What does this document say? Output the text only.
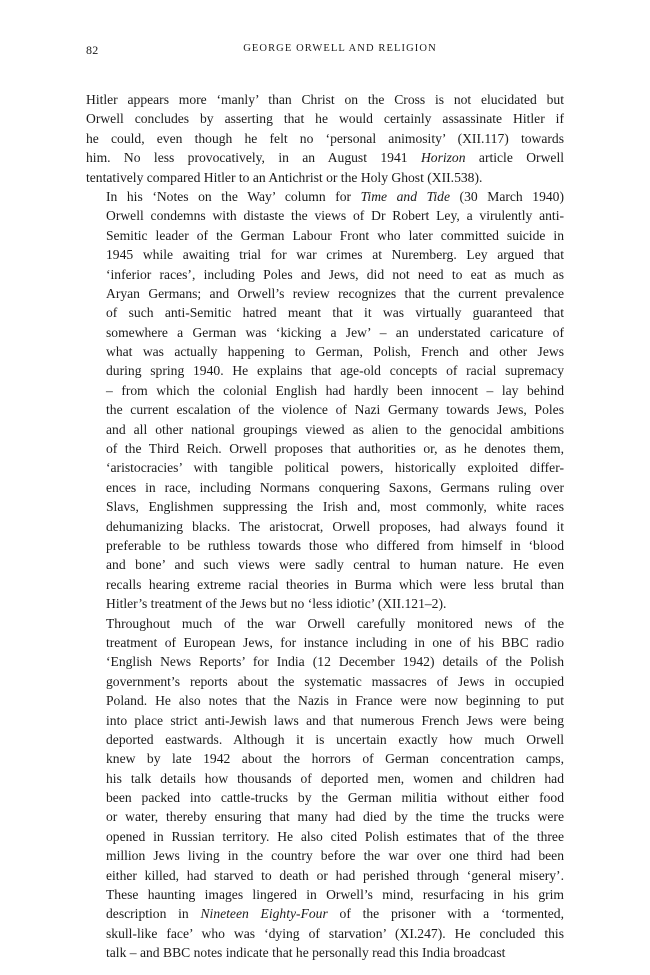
82	GEORGE ORWELL AND RELIGION

Hitler appears more ‘manly’ than Christ on the Cross is not elucidated but
Orwell concludes by asserting that he would certainly assassinate Hitler if
he could, even though he felt no ‘personal animosity’ (XII.117) towards
him. No less provocatively, in an August 1941 Horizon article Orwell
tentatively compared Hitler to an Antichrist or the Holy Ghost (XII.538).

In his ‘Notes on the Way’ column for Time and Tide (30 March 1940)
Orwell condemns with distaste the views of Dr Robert Ley, a virulently anti-
Semitic leader of the German Labour Front who later committed suicide in
1945 while awaiting trial for war crimes at Nuremberg. Ley argued that
‘inferior races’, including Poles and Jews, did not need to eat as much as
Aryan Germans; and Orwell’s review recognizes that the current prevalence
of such anti-Semitic hatred meant that it was virtually guaranteed that
somewhere a German was ‘kicking a Jew’ – an understated caricature of
what was actually happening to German, Polish, French and other Jews
during spring 1940. He explains that age-old concepts of racial supremacy
– from which the colonial English had hardly been innocent – lay behind
the current escalation of the violence of Nazi Germany towards Jews, Poles
and all other national groupings viewed as alien to the genocidal ambitions
of the Third Reich. Orwell proposes that authorities or, as he denotes them,
‘aristocracies’ with tangible political powers, historically exploited differ-
ences in race, including Normans conquering Saxons, Germans ruling over
Slavs, Englishmen suppressing the Irish and, most commonly, white races
dehumanizing blacks. The aristocrat, Orwell proposes, had always found it
preferable to be ruthless towards those who differed from himself in ‘blood
and bone’ and such views were sadly central to human nature. He even
recalls hearing extreme racial theories in Burma which were less brutal than
Hitler’s treatment of the Jews but no ‘less idiotic’ (XII.121–2).

Throughout much of the war Orwell carefully monitored news of the
treatment of European Jews, for instance including in one of his BBC radio
‘English News Reports’ for India (12 December 1942) details of the Polish
government’s reports about the systematic massacres of Jews in occupied
Poland. He also notes that the Nazis in France were now beginning to put
into place strict anti-Jewish laws and that numerous French Jews were being
deported eastwards. Although it is uncertain exactly how much Orwell
knew by late 1942 about the horrors of German concentration camps,
his talk details how thousands of deported men, women and children had
been packed into cattle-trucks by the German militia without either food
or water, thereby ensuring that many had died by the time the trucks were
opened in Russian territory. He also cited Polish estimates that of the three
million Jews living in the country before the war over one third had been
either killed, had starved to death or had perished through ‘general misery’.
These haunting images lingered in Orwell’s mind, resurfacing in his grim
description in Nineteen Eighty-Four of the prisoner with a ‘tormented,
skull-like face’ who was ‘dying of starvation’ (XI.247). He concluded this
talk – and BBC notes indicate that he personally read this India broadcast
